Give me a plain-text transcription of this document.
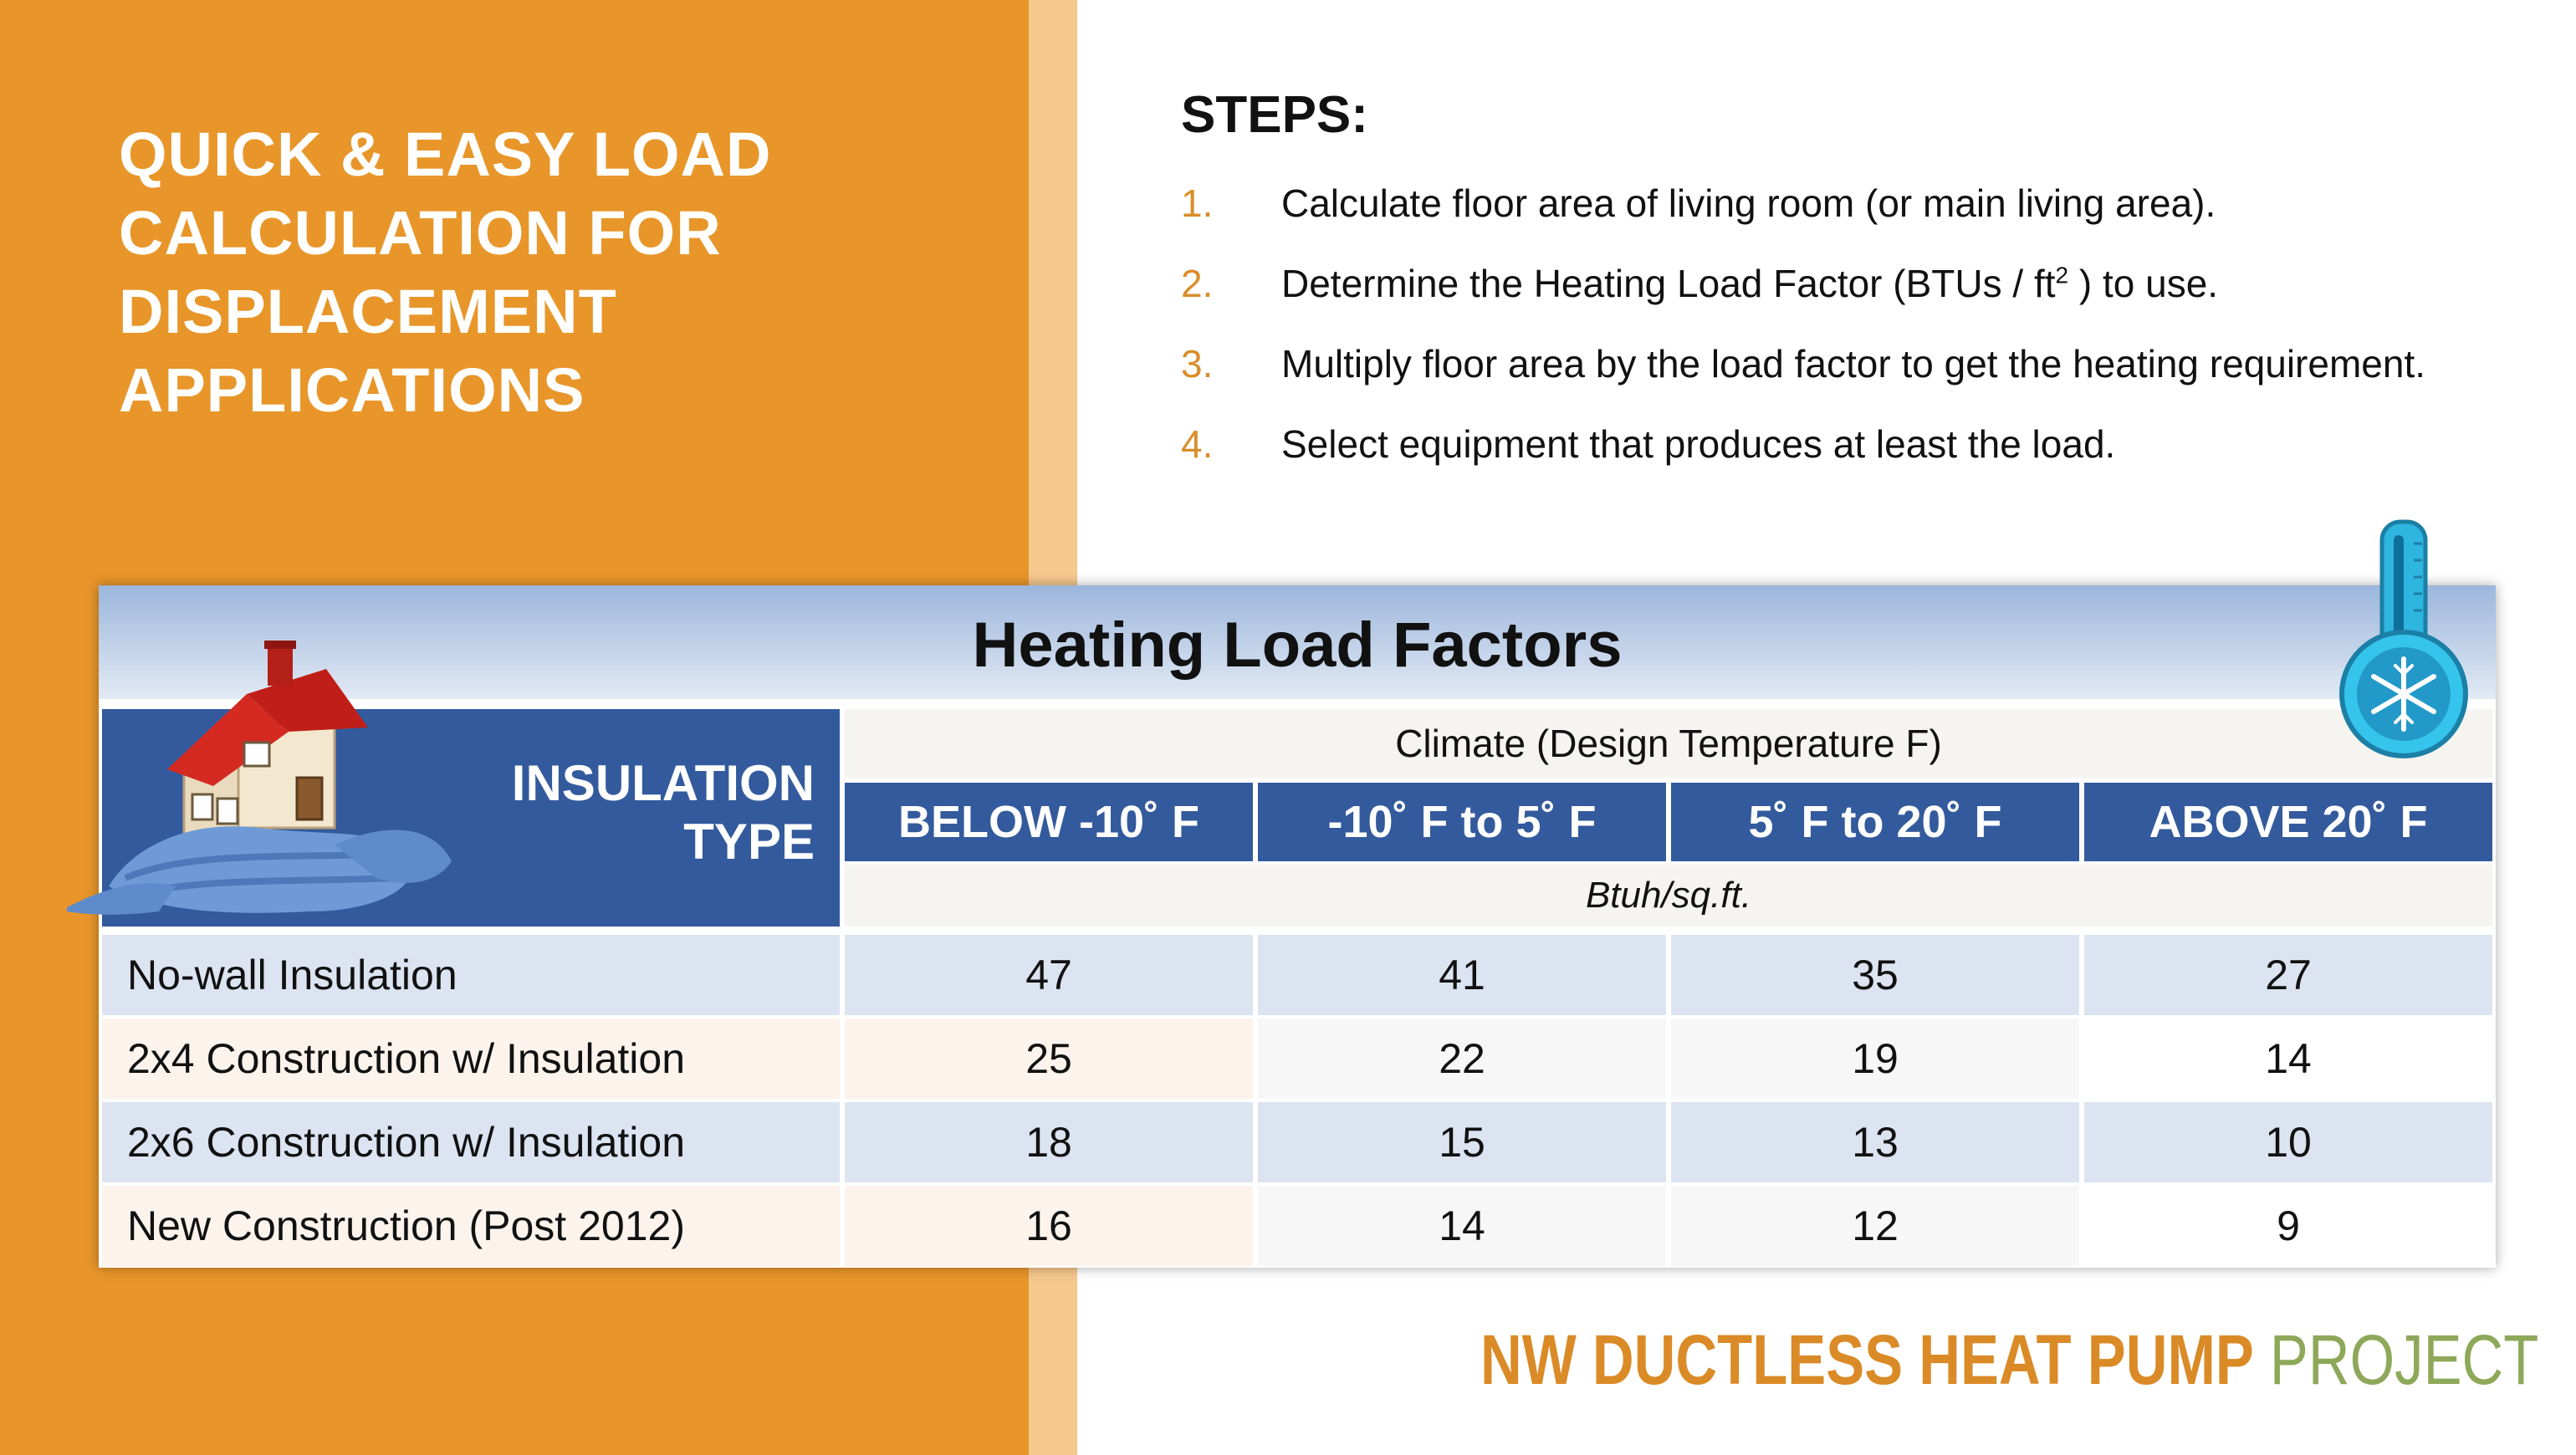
QUICK & EASY LOAD
CALCULATION FOR
DISPLACEMENT
APPLICATIONS
STEPS:
1.	Calculate floor area of living room (or main living area).
2.	Determine the Heating Load Factor (BTUs / $ft^2$ ) to use.
3.	Multiply floor area by the load factor to get the heating requirement.
4.	Select equipment that produces at least the load.
Heating Load Factors
INSULATION
TYPE
Climate (Design Temperature F)
BELOW -10˚ F	-10˚ F to 5˚ F	5˚ F to 20˚ F	ABOVE 20˚ F
Btuh/sq.ft.
No-wall Insulation	47	41	35	27
2x4 Construction w/ Insulation	25	22	19	14
2x6 Construction w/ Insulation	18	15	13	10
New Construction (Post 2012)	16	14	12	9
NW DUCTLESS HEAT PUMP PROJECT
